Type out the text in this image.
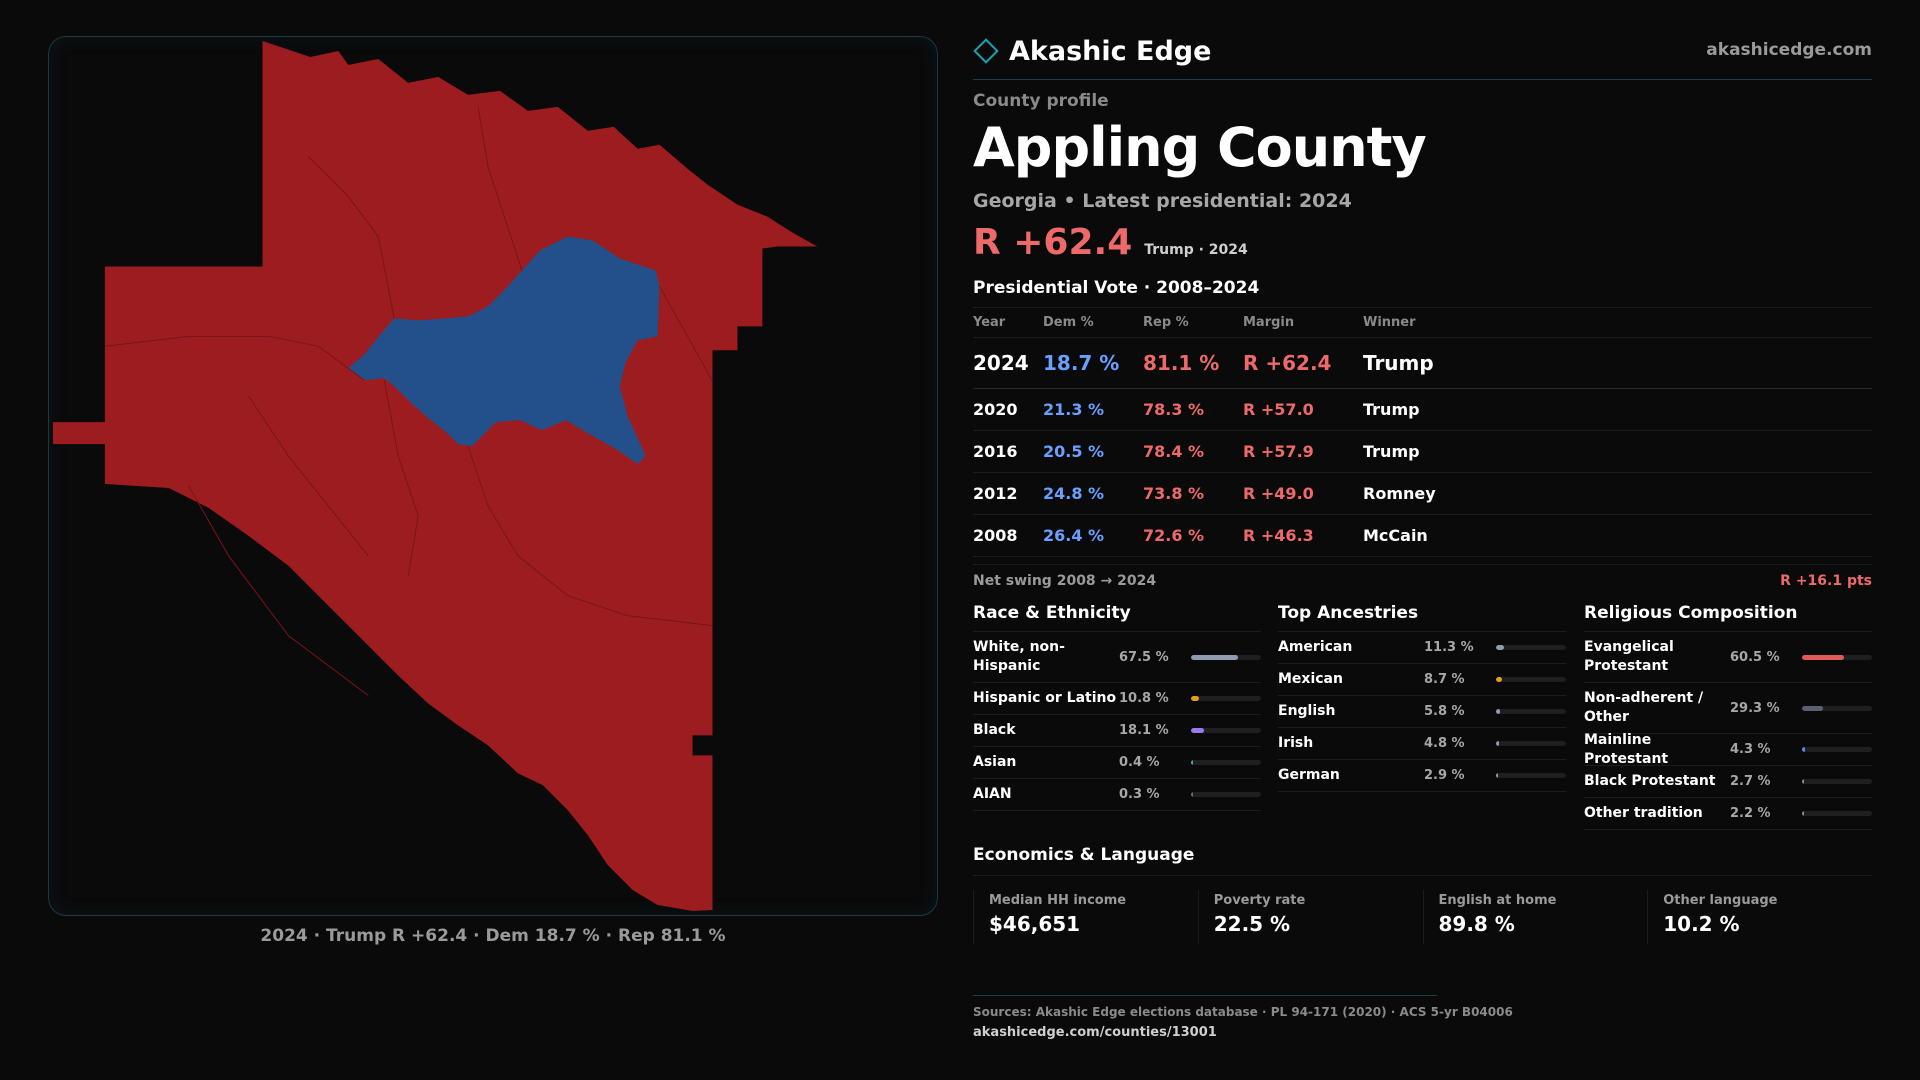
2024 · Trump R +62.4 · Dem 18.7 % · Rep 81.1 %
Akashic Edge	akashicedge.com
County profile
Appling County
Georgia • Latest presidential: 2024
R +62.4 Trump · 2024
Presidential Vote · 2008–2024
Year	Dem %	Rep %	Margin	Winner
2024 18.7 %	81.1 %	R +62.4	Trump
2020	21.3 %	78.3 %	R +57.0	Trump
2016	20.5 %	78.4 %	R +57.9	Trump
2012	24.8 %	73.8 %	R +49.0	Romney
2008	26.4 %	72.6 %	R +46.3	McCain
Net swing 2008 → 2024	R +16.1 pts
Race & Ethnicity
White, non-Hispanic
67.5 %
Hispanic or Latino 10.8 %
Black	18.1 %
Asian	0.4 %
AIAN	0.3 %
Top Ancestries
American	11.3 %
Mexican	8.7 %
English	5.8 %
Irish	4.8 %
German	2.9 %
Religious Composition
Evangelical Protestant
60.5 %
Non-adherent / Other
29.3 %
Mainline Protestant
4.3 %
Black Protestant	2.7 %
Other tradition	2.2 %
Economics & Language
Median HH income
$46,651
Poverty rate
22.5 %
English at home
89.8 %
Other language
10.2 %
Sources: Akashic Edge elections database · PL 94-171 (2020) · ACS 5-yr B04006
akashicedge.com/counties/13001
